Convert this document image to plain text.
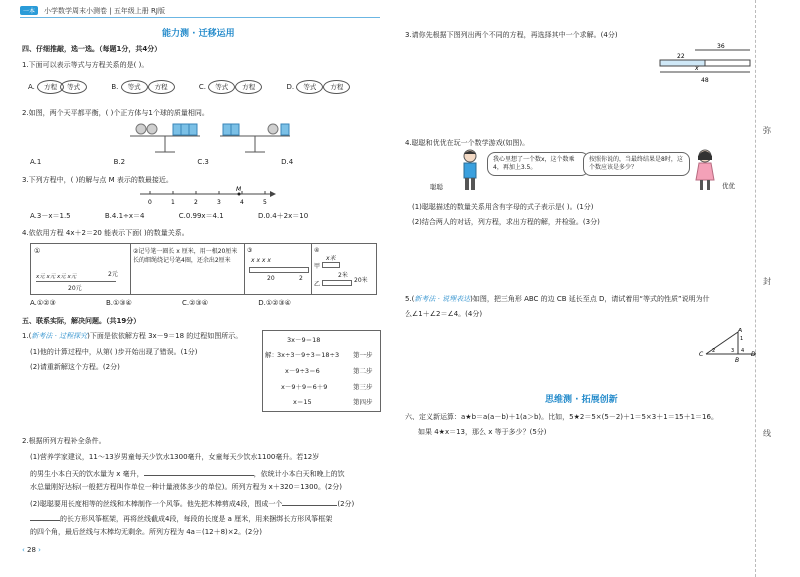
一本	小学数学周末小测卷 | 五年级上册 RJ版
能力测 · 迁移运用
四、仔细推敲，选一选。（每题1分，共4分）
1.下面可以表示等式与方程关系的是( )。
A. 方程 等式	B. 等式 方程	C. 等式 方程	D. 等式 方程
2.如图，两个天平都平衡，( )个正方体与1个球的质量相同。
A.1	B.2	C.3	D.4
3.下列方程中，( )的解与点 M 表示的数最接近。
M
0	1	2	3	4	5
A.3－x＝1.5	B.4.1÷x＝4	C.0.99x＝4.1	D.0.4＋2x＝10
4.依依用方程 4x＋2＝20 能表示下面( )的数量关系。
①
2元
x元 x元 x元 x元
20元
②记号笔一圈长 x 厘米，用一根20厘米长的细绳绕记号笔4圈，还余出2厘米
③
x x x x
20	2
④
甲
x米
乙
2米
20米
A.①②③	B.①③④	C.②③④	D.①②③④
五、联系实际，解决问题。（共19分）
1.(新考法 · 过程探究)下面是依依解方程 3x－9＝18 的过程如图所示。
(1)他的计算过程中，从第( )步开始出现了错误。(1分)
(2)请重新解这个方程。(2分)
3x－9＝18
解： 3x÷3－9÷3＝18÷3 第一步
x－9÷3＝6	第二步
x－9＋9＝6＋9	第三步
x＝15	第四步
2.根据所列方程补全条件。
(1)营养学家建议，11～13岁男童每天少饮水1300毫升，女童每天少饮水1100毫升。若12岁
的男生小本白天的饮水量为 x 毫升，	，依统计小本白天和晚上的饮
水总量刚好达标(一般把方程叫作单位一种计量液体多少的单位)。所列方程为 x＋320＝1300。(2分)
(2)聪聪要用长度相等的丝线和木棒制作一个风筝。他先把木棒剪成4段，围成一个	(2分)
的长方形风筝框架，再将丝线截成4段，每段的长度是 a 厘米，用来捆绑长方形风筝框架
的四个角，最后丝线与木棒均无剩余。所列方程为 4a＝(12＋8)×2。(2分)
3.请你先根据下图列出两个不同的方程，再选择其中一个求解。(4分)
36
22
x
48
4.聪聪和优优在玩一个数学游戏(如图)。
聪聪
我心里想了一个数x，这个数乘4，再加上3.5。
按照你说的，当最终结果是8时，这个数应该是多少？
优优
(1)聪聪描述的数量关系用含有字母的式子表示是( )。(1分)
(2)结合两人的对话，列方程，求出方程的解，并检验。(3分)
5.(新考法 · 说理表达)如图，把三角形 ABC 的边 CB 延长至点 D，请试着用“等式的性质”说明为什
么∠1＋∠2＝∠4。(4分)
A
C
B
D
1
2	3 4
思维测 · 拓展创新
六、定义新运算：a★b＝a(a－b)＋1(a＞b)。比如，5★2＝5×(5－2)＋1＝5×3＋1＝15＋1＝16。
如果 4★x＝13，那么 x 等于多少？(5分)
弥
封
线
‹ 28 ›
